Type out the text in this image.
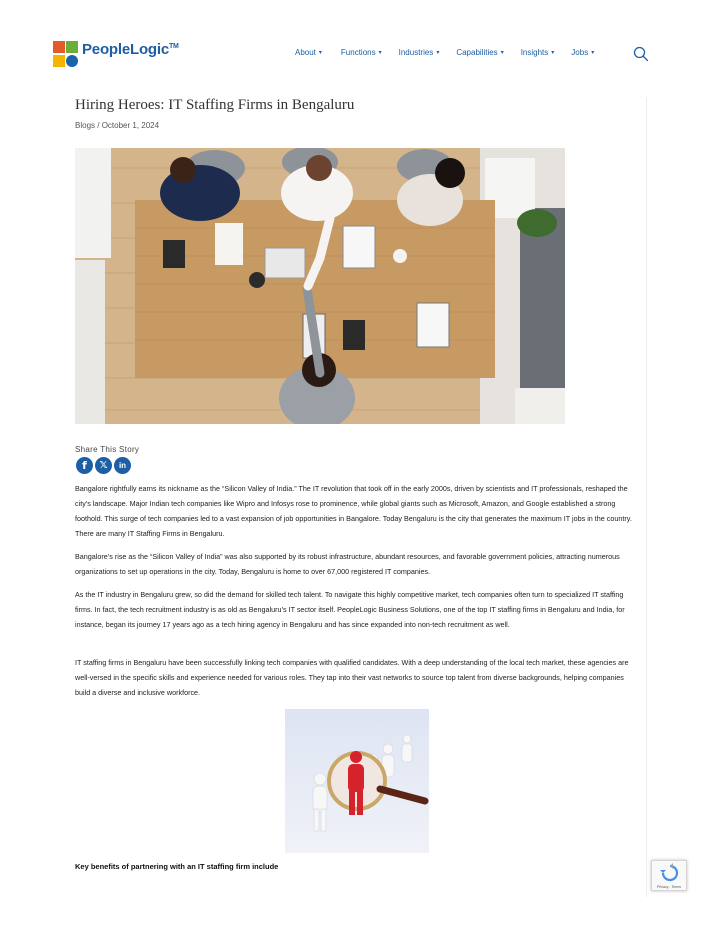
PeopleLogic™
About ▾ Functions ▾ Industries ▾ Capabilities ▾ Insights ▾ Jobs ▾
Hiring Heroes: IT Staffing Firms in Bengaluru
Blogs / October 1, 2024
Share This Story
f	𝕏	in

Bangalore rightfully earns its nickname as the “Silicon Valley of India.” The IT revolution that took off in the early 2000s, driven by scientists and IT professionals, reshaped the city’s landscape. Major Indian tech companies like Wipro and Infosys rose to prominence, while global giants such as Microsoft, Amazon, and Google established a strong foothold. This surge of tech companies led to a vast expansion of job opportunities in Bangalore. Today Bengaluru is the city that generates the maximum IT jobs in the country. There are many IT Staffing Firms in Bengaluru.

Bangalore’s rise as the “Silicon Valley of India” was also supported by its robust infrastructure, abundant resources, and favorable government policies, attracting numerous organizations to set up operations in the city. Today, Bengaluru is home to over 67,000 registered IT companies.

As the IT industry in Bengaluru grew, so did the demand for skilled tech talent. To navigate this highly competitive market, tech companies often turn to specialized IT staffing firms. In fact, the tech recruitment industry is as old as Bengaluru’s IT sector itself. PeopleLogic Business Solutions, one of the top IT staffing firms in Bengaluru and India, for instance, began its journey 17 years ago as a tech hiring agency in Bengaluru and has since expanded into non-tech recruitment as well.

IT staffing firms in Bengaluru have been successfully linking tech companies with qualified candidates. With a deep understanding of the local tech market, these agencies are well-versed in the specific skills and experience needed for various roles. They tap into their vast networks to source top talent from diverse backgrounds, helping companies build a diverse and inclusive workforce.

Key benefits of partnering with an IT staffing firm include
Privacy - Terms
